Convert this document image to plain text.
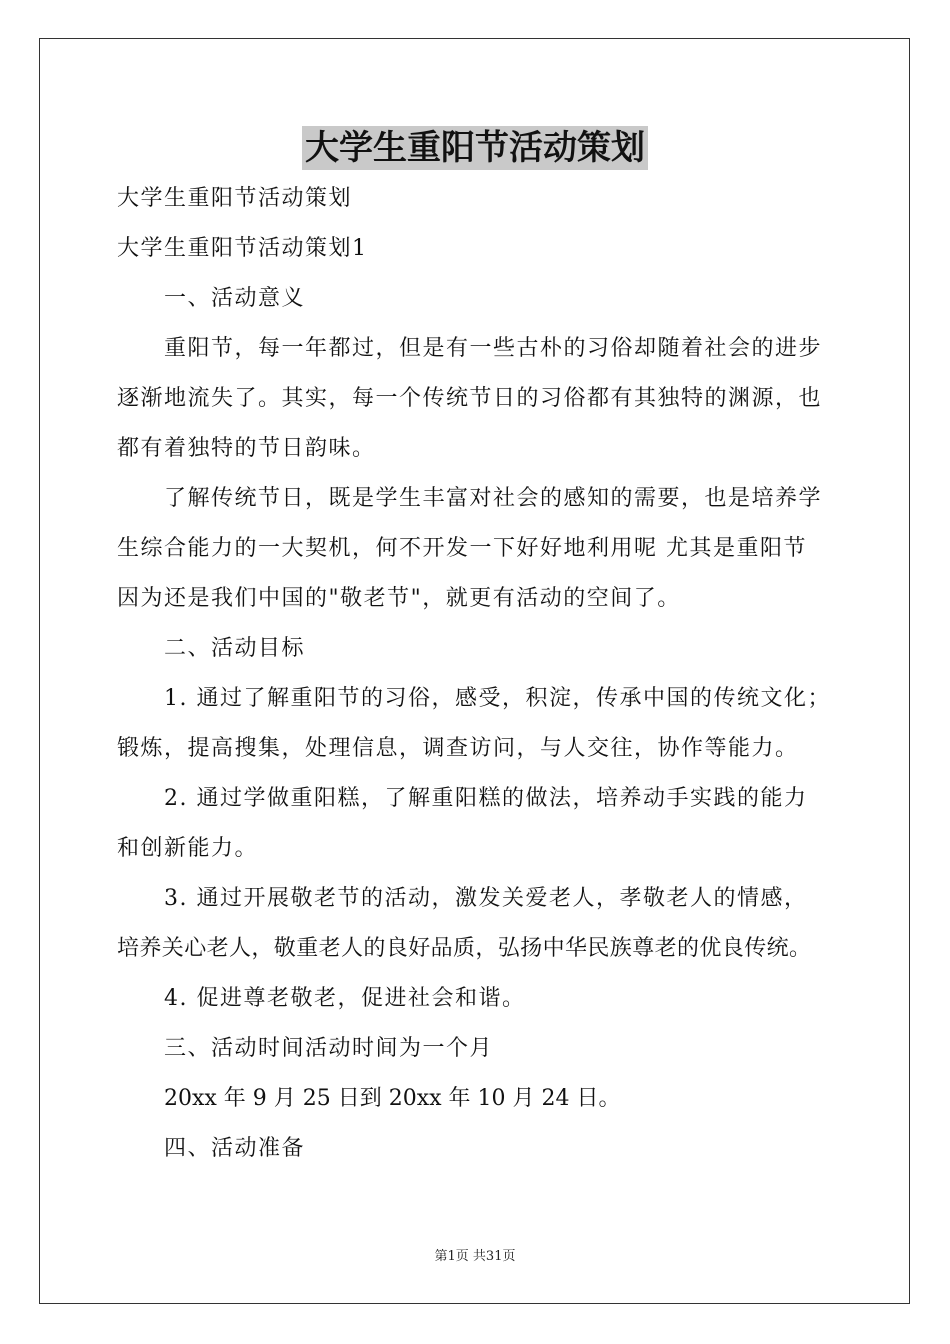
大学生重阳节活动策划
大学生重阳节活动策划
大学生重阳节活动策划1
一、活动意义
重阳节，每一年都过，但是有一些古朴的习俗却随着社会的进步
逐渐地流失了。其实，每一个传统节日的习俗都有其独特的渊源，也
都有着独特的节日韵味。
了解传统节日，既是学生丰富对社会的感知的需要，也是培养学
生综合能力的一大契机，何不开发一下好好地利用呢 尤其是重阳节
因为还是我们中国的"敬老节"，就更有活动的空间了。
二、活动目标
1. 通过了解重阳节的习俗，感受，积淀，传承中国的传统文化；
锻炼，提高搜集，处理信息，调查访问，与人交往，协作等能力。
2. 通过学做重阳糕，了解重阳糕的做法，培养动手实践的能力
和创新能力。
3. 通过开展敬老节的活动，激发关爱老人，孝敬老人的情感，
培养关心老人，敬重老人的良好品质，弘扬中华民族尊老的优良传统。
4. 促进尊老敬老，促进社会和谐。
三、活动时间活动时间为一个月
20xx 年 9 月 25 日到 20xx 年 10 月 24 日。
四、活动准备
第1页 共31页
